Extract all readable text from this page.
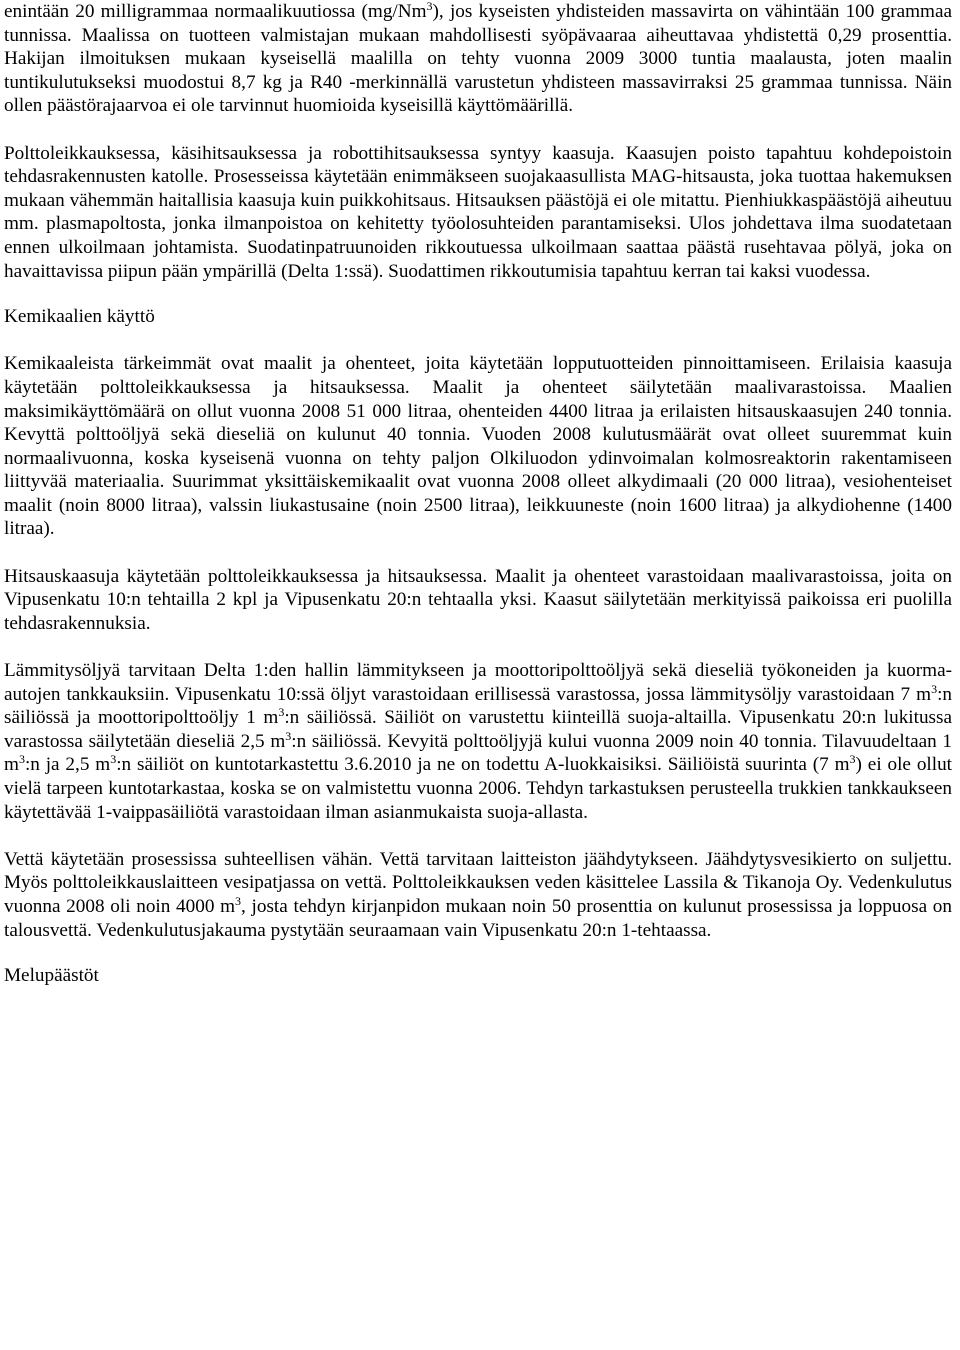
enintään 20 milligrammaa normaalikuutiossa (mg/Nm$^3$), jos kyseisten yhdisteiden massavirta on vähintään 100 grammaa tunnissa. Maalissa on tuotteen valmistajan mukaan mahdollisesti syöpävaaraa aiheuttavaa yhdistettä 0,29 prosenttia. Hakijan ilmoituksen mukaan kyseisellä maalilla on tehty vuonna 2009 3000 tuntia maalausta, joten maalin tuntikulutukseksi muodostui 8,7 kg ja R40 -merkinnällä varustetun yhdisteen massavirraksi 25 grammaa tunnissa. Näin ollen päästörajaarvoa ei ole tarvinnut huomioida kyseisillä käyttömäärillä.

Polttoleikkauksessa, käsihitsauksessa ja robottihitsauksessa syntyy kaasuja. Kaasujen poisto tapahtuu kohdepoistoin tehdasrakennusten katolle. Prosesseissa käytetään enimmäkseen suojakaasullista MAG-hitsausta, joka tuottaa hakemuksen mukaan vähemmän haitallisia kaasuja kuin puikkohitsaus. Hitsauksen päästöjä ei ole mitattu. Pienhiukkaspäästöjä aiheutuu mm. plasmapoltosta, jonka ilmanpoistoa on kehitetty työolosuhteiden parantamiseksi. Ulos johdettava ilma suodatetaan ennen ulkoilmaan johtamista. Suodatinpatruunoiden rikkoutuessa ulkoilmaan saattaa päästä rusehtavaa pölyä, joka on havaittavissa piipun pään ympärillä (Delta 1:ssä). Suodattimen rikkoutumisia tapahtuu kerran tai kaksi vuodessa.

Kemikaalien käyttö

Kemikaaleista tärkeimmät ovat maalit ja ohenteet, joita käytetään lopputuotteiden pinnoittamiseen. Erilaisia kaasuja käytetään polttoleikkauksessa ja hitsauksessa. Maalit ja ohenteet säilytetään maalivarastoissa. Maalien maksimikäyttömäärä on ollut vuonna 2008 51 000 litraa, ohenteiden 4400 litraa ja erilaisten hitsauskaasujen 240 tonnia. Kevyttä polttoöljyä sekä dieseliä on kulunut 40 tonnia. Vuoden 2008 kulutusmäärät ovat olleet suuremmat kuin normaalivuonna, koska kyseisenä vuonna on tehty paljon Olkiluodon ydinvoimalan kolmosreaktorin rakentamiseen liittyvää materiaalia. Suurimmat yksittäiskemikaalit ovat vuonna 2008 olleet alkydimaali (20 000 litraa), vesiohenteiset maalit (noin 8000 litraa), valssin liukastusaine (noin 2500 litraa), leikkuuneste (noin 1600 litraa) ja alkydiohenne (1400 litraa).

Hitsauskaasuja käytetään polttoleikkauksessa ja hitsauksessa. Maalit ja ohenteet varastoidaan maalivarastoissa, joita on Vipusenkatu 10:n tehtailla 2 kpl ja Vipusenkatu 20:n tehtaalla yksi. Kaasut säilytetään merkityissä paikoissa eri puolilla tehdasrakennuksia.

Lämmitysöljyä tarvitaan Delta 1:den hallin lämmitykseen ja moottoripolttoöljyä sekä dieseliä työkoneiden ja kuorma-autojen tankkauksiin. Vipusenkatu 10:ssä öljyt varastoidaan erillisessä varastossa, jossa lämmitysöljy varastoidaan 7 $m^3:n$ säiliössä ja moottoripolttoöljy 1 $m^3:n$ säiliössä. Säiliöt on varustettu kiinteillä suoja-altailla. Vipusenkatu 20:n lukitussa varastossa säilytetään dieseliä 2,5 $m^3:n$ säiliössä. Kevyitä polttoöljyjä kului vuonna 2009 noin 40 tonnia. Tilavuudeltaan 1 $m^3:n$ ja 2,5 $m^3:n$ säiliöt on kuntotarkastettu 3.6.2010 ja ne on todettu A-luokkaisiksi. Säiliöistä suurinta (7 $m^3$) ei ole ollut vielä tarpeen kuntotarkastaa, koska se on valmistettu vuonna 2006. Tehdyn tarkastuksen perusteella trukkien tankkaukseen käytettävää 1-vaippasäiliötä varastoidaan ilman asianmukaista suoja-allasta.

Vettä käytetään prosessissa suhteellisen vähän. Vettä tarvitaan laitteiston jäähdytykseen. Jäähdytysvesikierto on suljettu. Myös polttoleikkauslaitteen vesipatjassa on vettä. Polttoleikkauksen veden käsittelee Lassila & Tikanoja Oy. Vedenkulutus vuonna 2008 oli noin 4000 $m^3$, josta tehdyn kirjanpidon mukaan noin 50 prosenttia on kulunut prosessissa ja loppuosa on talousvettä. Vedenkulutusjakauma pystytään seuraamaan vain Vipusenkatu 20:n 1-tehtaassa.

Melupäästöt
